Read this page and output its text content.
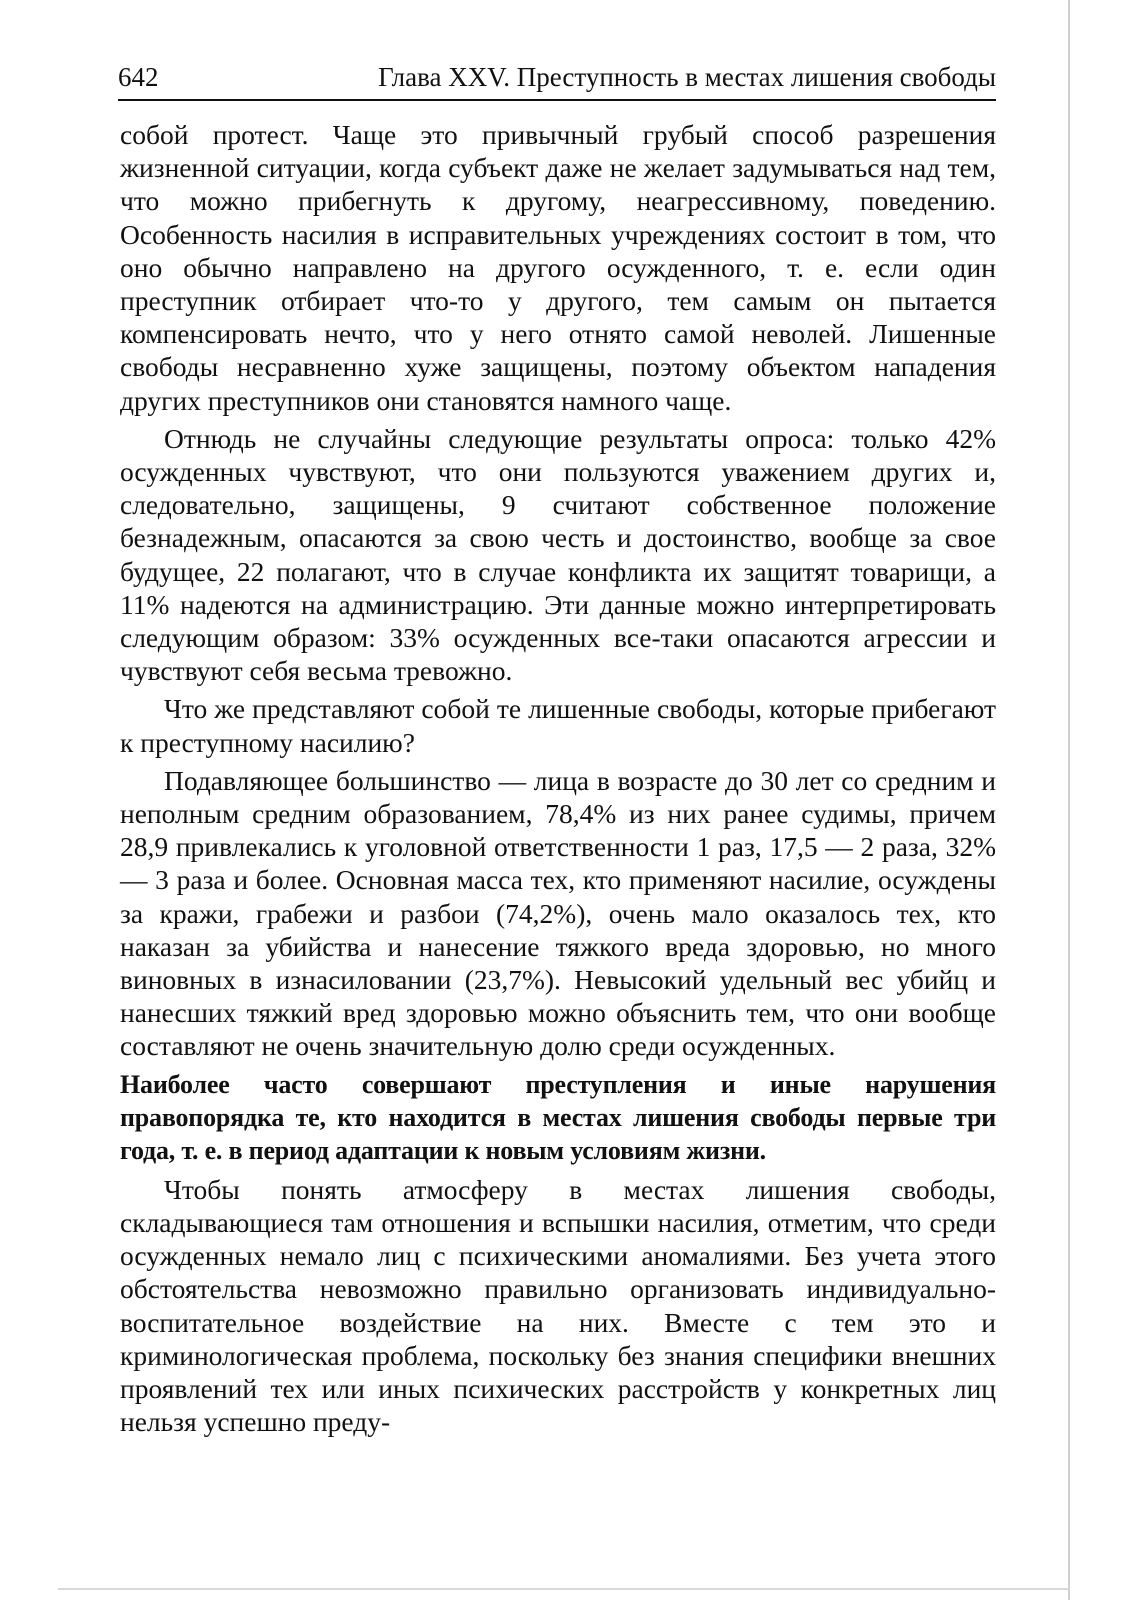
642	Глава XXV. Преступность в местах лишения свободы

собой протест. Чаще это привычный грубый способ разрешения жизненной ситуации, когда субъект даже не желает задумываться над тем, что можно прибегнуть к другому, неагрессивному, поведению. Особенность насилия в исправительных учреждениях состоит в том, что оно обычно направлено на другого осужденного, т. е. если один преступник отбирает что-то у другого, тем самым он пытается компенсировать нечто, что у него отнято самой неволей. Лишенные свободы несравненно хуже защищены, поэтому объектом нападения других преступников они становятся намного чаще.

Отнюдь не случайны следующие результаты опроса: только 42% осужденных чувствуют, что они пользуются уважением других и, следовательно, защищены, 9 считают собственное положение безнадежным, опасаются за свою честь и достоинство, вообще за свое будущее, 22 полагают, что в случае конфликта их защитят товарищи, а 11% надеются на администрацию. Эти данные можно интерпретировать следующим образом: 33% осужденных все-таки опасаются агрессии и чувствуют себя весьма тревожно.

Что же представляют собой те лишенные свободы, которые прибегают к преступному насилию?

Подавляющее большинство — лица в возрасте до 30 лет со средним и неполным средним образованием, 78,4% из них ранее судимы, причем 28,9 привлекались к уголовной ответственности 1 раз, 17,5 — 2 раза, 32% — 3 раза и более. Основная масса тех, кто применяют насилие, осуждены за кражи, грабежи и разбои (74,2%), очень мало оказалось тех, кто наказан за убийства и нанесение тяжкого вреда здоровью, но много виновных в изнасиловании (23,7%). Невысокий удельный вес убийц и нанесших тяжкий вред здоровью можно объяснить тем, что они вообще составляют не очень значительную долю среди осужденных.

Наиболее часто совершают преступления и иные нарушения правопорядка те, кто находится в местах лишения свободы первые три года, т. е. в период адаптации к новым условиям жизни.

Чтобы понять атмосферу в местах лишения свободы, складывающиеся там отношения и вспышки насилия, отметим, что среди осужденных немало лиц с психическими аномалиями. Без учета этого обстоятельства невозможно правильно организовать индивидуально-воспитательное воздействие на них. Вместе с тем это и криминологическая проблема, поскольку без знания специфики внешних проявлений тех или иных психических расстройств у конкретных лиц нельзя успешно преду-
